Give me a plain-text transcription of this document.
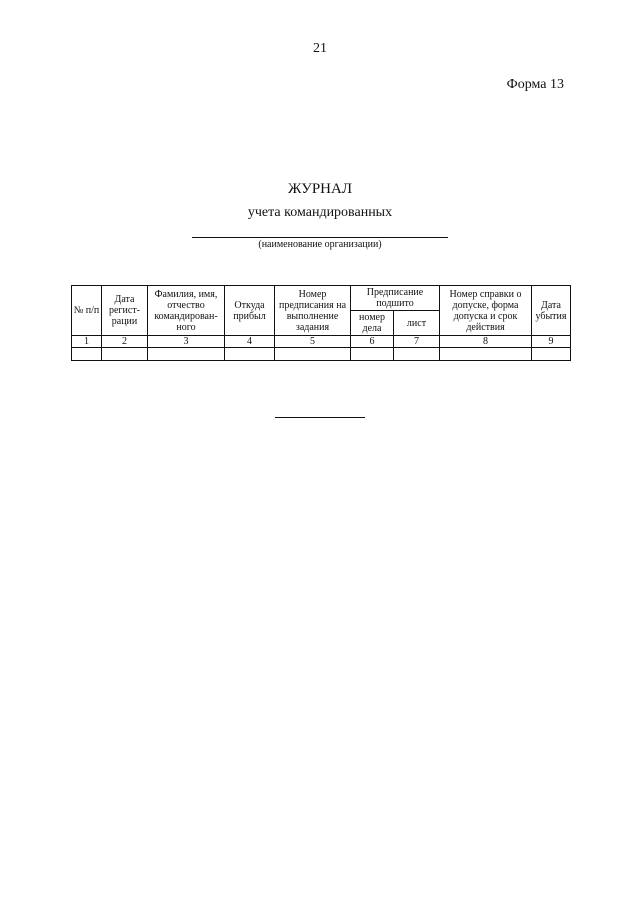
21
Форма 13
ЖУРНАЛ
учета командированных
(наименование организации)
№ п/п	Дата регист-рации	Фамилия, имя, отчество командирован-ного	Откуда прибыл	Номер предписания на выполнение задания	Предписание подшито		Номер справки о допуске, форма допуска и срок действия	Дата убытия
					номер дела	лист		
1	2	3	4	5	6	7	8	9
